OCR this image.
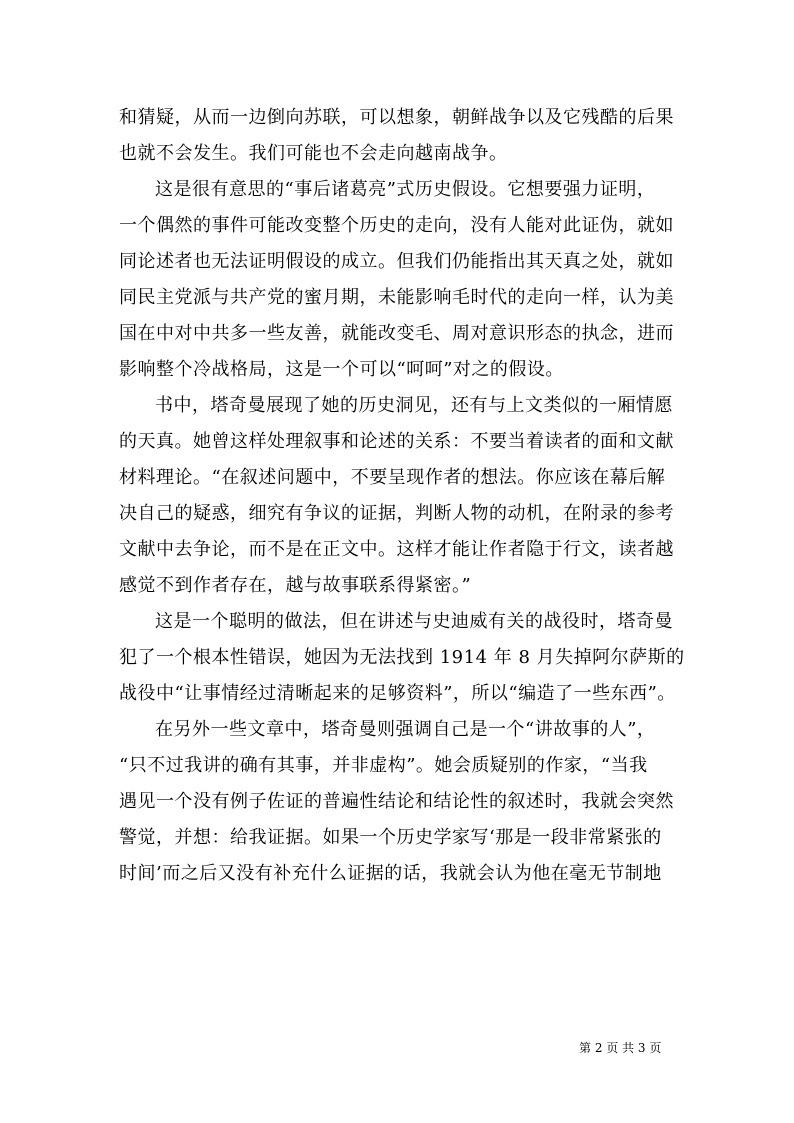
和猜疑，从而一边倒向苏联，可以想象，朝鲜战争以及它残酷的后果
也就不会发生。我们可能也不会走向越南战争。
这是很有意思的“事后诸葛亮”式历史假设。它想要强力证明，
一个偶然的事件可能改变整个历史的走向，没有人能对此证伪，就如
同论述者也无法证明假设的成立。但我们仍能指出其天真之处，就如
同民主党派与共产党的蜜月期，未能影响毛时代的走向一样，认为美
国在中对中共多一些友善，就能改变毛、周对意识形态的执念，进而
影响整个冷战格局，这是一个可以“呵呵”对之的假设。
书中，塔奇曼展现了她的历史洞见，还有与上文类似的一厢情愿
的天真。她曾这样处理叙事和论述的关系：不要当着读者的面和文献
材料理论。“在叙述问题中，不要呈现作者的想法。你应该在幕后解
决自己的疑惑，细究有争议的证据，判断人物的动机，在附录的参考
文献中去争论，而不是在正文中。这样才能让作者隐于行文，读者越
感觉不到作者存在，越与故事联系得紧密。”
这是一个聪明的做法，但在讲述与史迪威有关的战役时，塔奇曼
犯了一个根本性错误，她因为无法找到 1914 年 8 月失掉阿尔萨斯的
战役中“让事情经过清晰起来的足够资料”，所以“编造了一些东西”。
在另外一些文章中，塔奇曼则强调自己是一个“讲故事的人”，
“只不过我讲的确有其事，并非虚构”。她会质疑别的作家，“当我
遇见一个没有例子佐证的普遍性结论和结论性的叙述时，我就会突然
警觉，并想：给我证据。如果一个历史学家写‘那是一段非常紧张的
时间’而之后又没有补充什么证据的话，我就会认为他在毫无节制地
第 2 页 共 3 页
